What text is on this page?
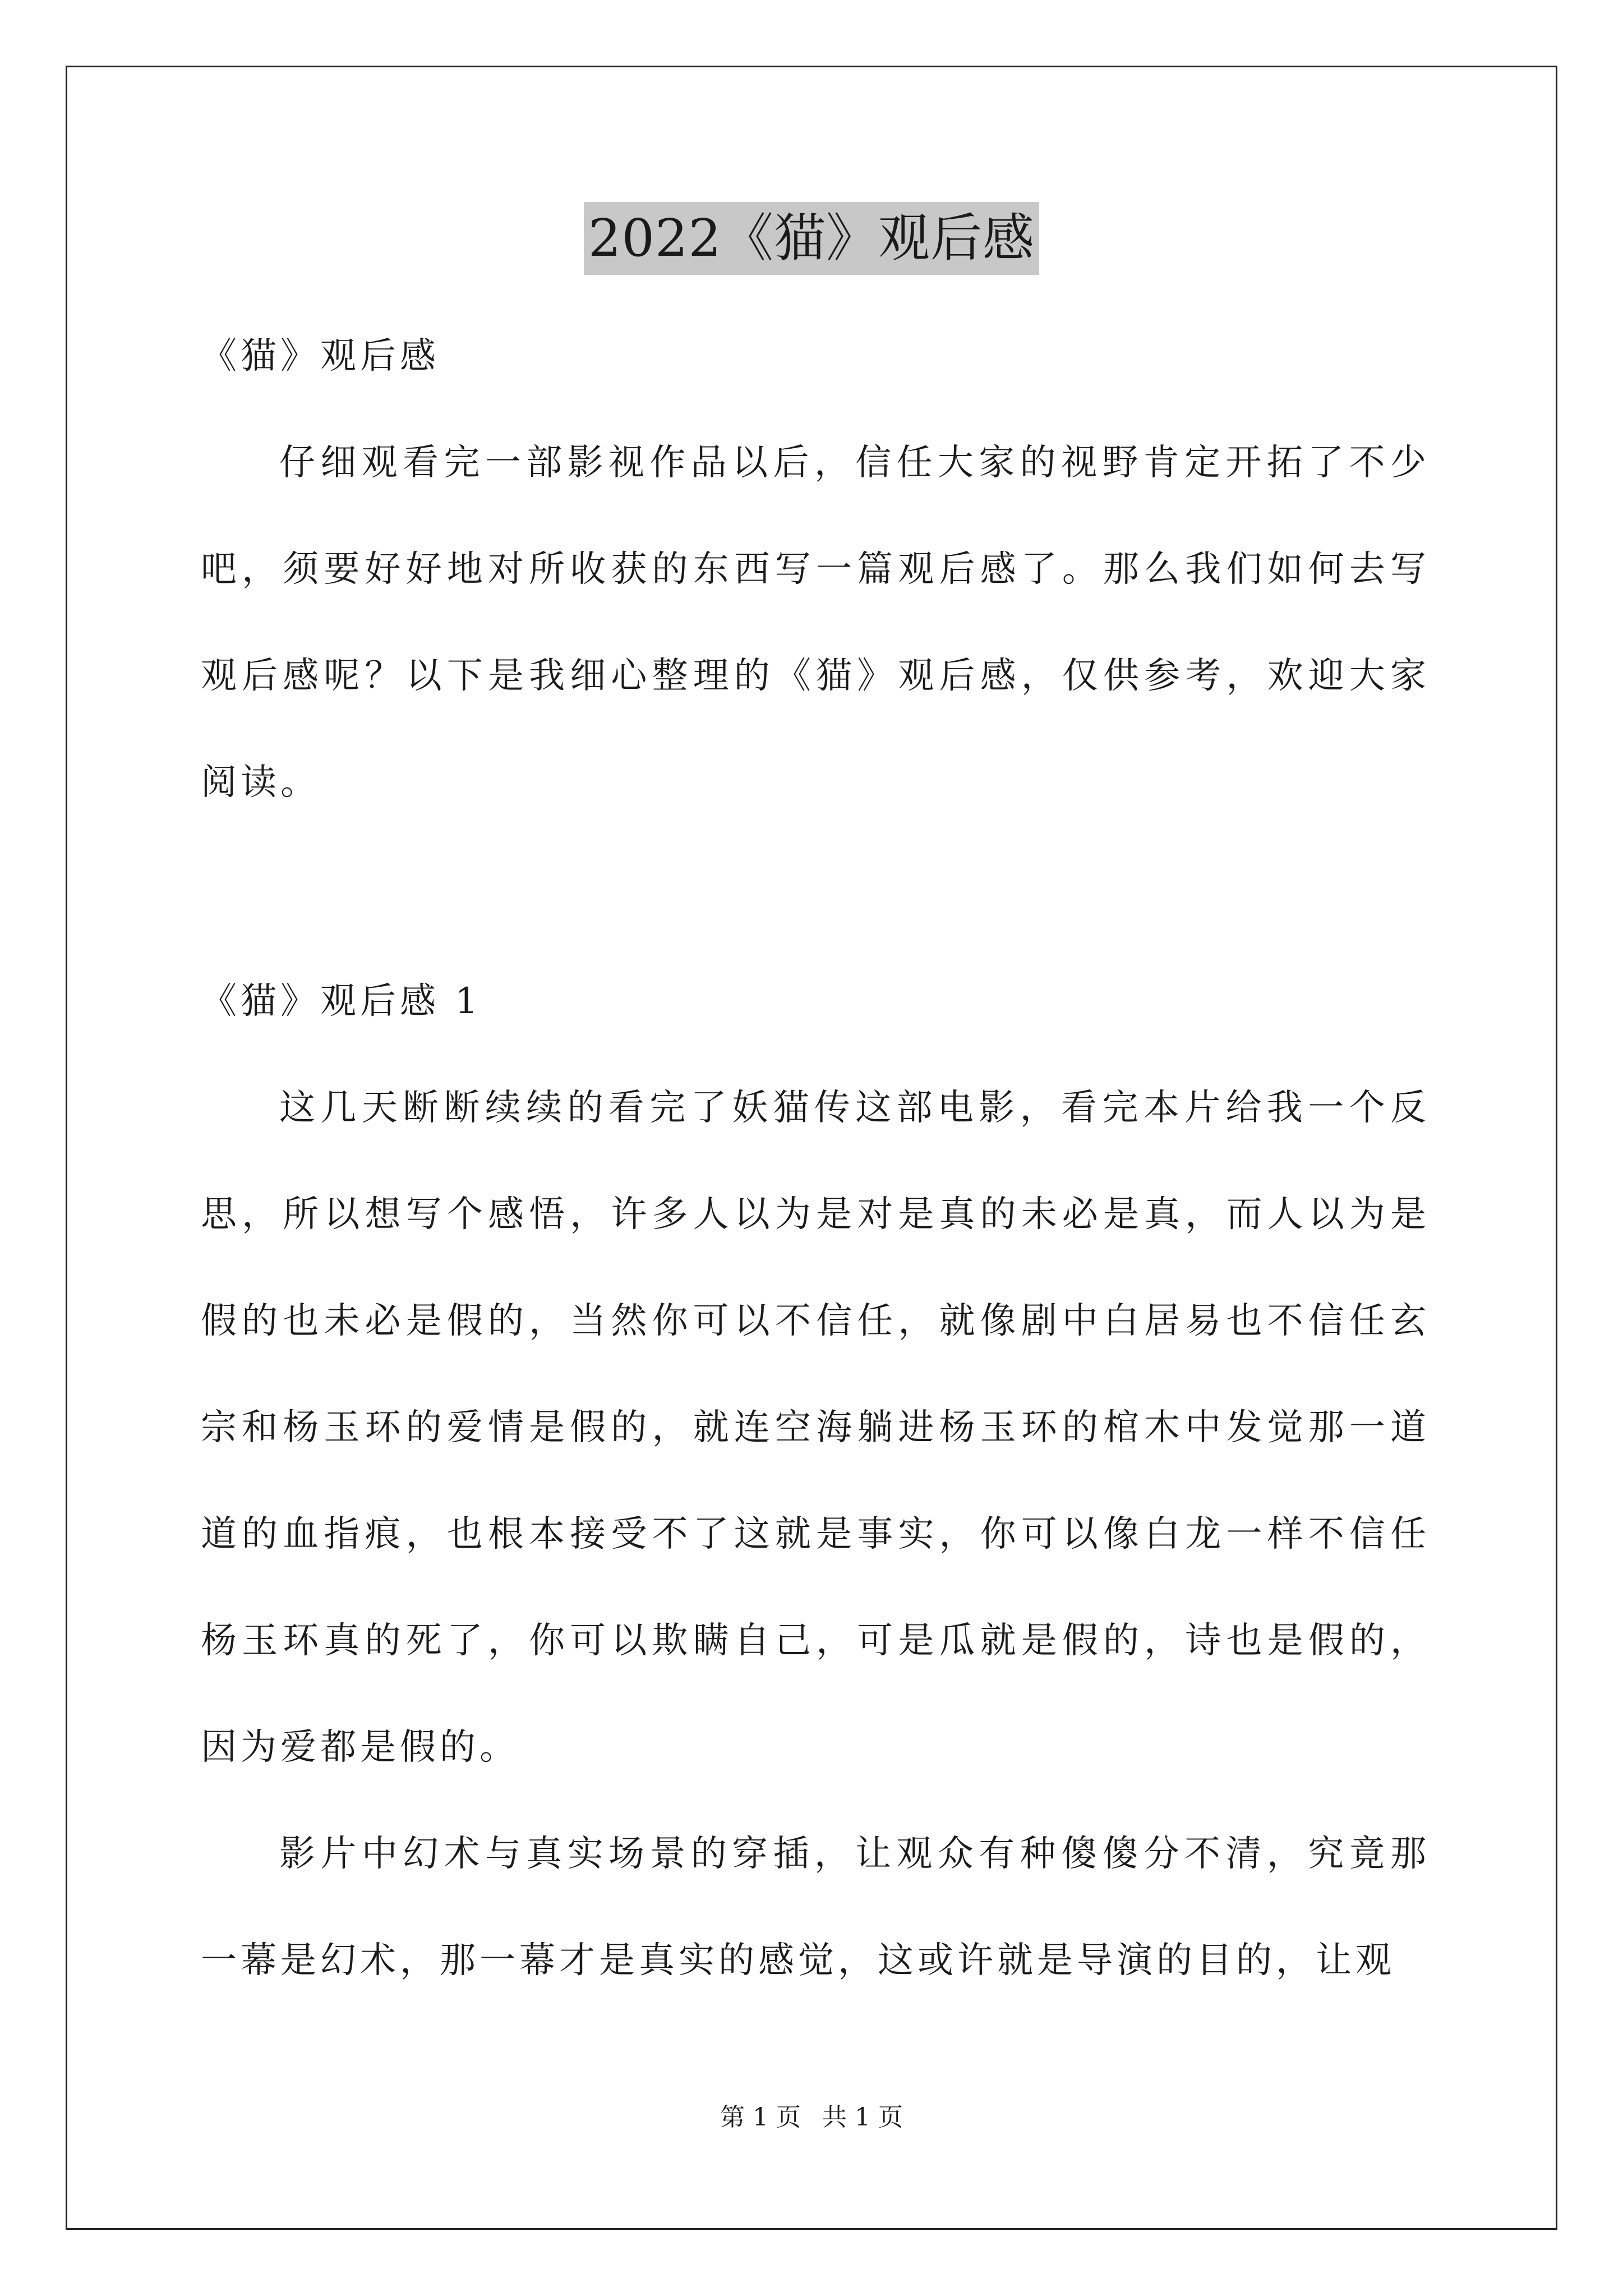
2022《猫》观后感

《猫》观后感

仔细观看完一部影视作品以后，信任大家的视野肯定开拓了不少吧，须要好好地对所收获的东西写一篇观后感了。那么我们如何去写观后感呢？以下是我细心整理的《猫》观后感，仅供参考，欢迎大家阅读。

《猫》观后感 1

这几天断断续续的看完了妖猫传这部电影，看完本片给我一个反思，所以想写个感悟，许多人以为是对是真的未必是真，而人以为是假的也未必是假的，当然你可以不信任，就像剧中白居易也不信任玄宗和杨玉环的爱情是假的，就连空海躺进杨玉环的棺木中发觉那一道道的血指痕，也根本接受不了这就是事实，你可以像白龙一样不信任杨玉环真的死了，你可以欺瞒自己，可是瓜就是假的，诗也是假的，因为爱都是假的。

影片中幻术与真实场景的穿插，让观众有种傻傻分不清，究竟那一幕是幻术，那一幕才是真实的感觉，这或许就是导演的目的，让观

第 1 页 共 1 页
